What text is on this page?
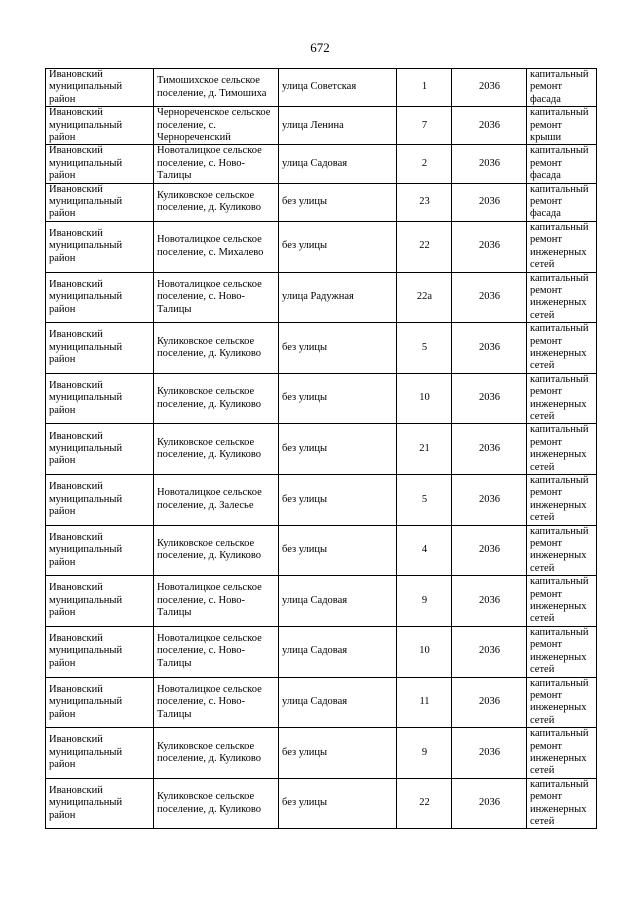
672
Ивановский муниципальный район	Тимошихское сельское поселение, д. Тимошиха	улица Советская	1	2036	капитальный ремонт фасада
Ивановский муниципальный район	Чернореченское сельское поселение, с. Чернореченский	улица Ленина	7	2036	капитальный ремонт крыши
Ивановский муниципальный район	Новоталицкое сельское поселение, с. Ново-Талицы	улица Садовая	2	2036	капитальный ремонт фасада
Ивановский муниципальный район	Куликовское сельское поселение, д. Куликово	без улицы	23	2036	капитальный ремонт фасада
Ивановский муниципальный район	Новоталицкое сельское поселение, с. Михалево	без улицы	22	2036	капитальный ремонт инженерных сетей
Ивановский муниципальный район	Новоталицкое сельское поселение, с. Ново-Талицы	улица Радужная	22а	2036	капитальный ремонт инженерных сетей
Ивановский муниципальный район	Куликовское сельское поселение, д. Куликово	без улицы	5	2036	капитальный ремонт инженерных сетей
Ивановский муниципальный район	Куликовское сельское поселение, д. Куликово	без улицы	10	2036	капитальный ремонт инженерных сетей
Ивановский муниципальный район	Куликовское сельское поселение, д. Куликово	без улицы	21	2036	капитальный ремонт инженерных сетей
Ивановский муниципальный район	Новоталицкое сельское поселение, д. Залесье	без улицы	5	2036	капитальный ремонт инженерных сетей
Ивановский муниципальный район	Куликовское сельское поселение, д. Куликово	без улицы	4	2036	капитальный ремонт инженерных сетей
Ивановский муниципальный район	Новоталицкое сельское поселение, с. Ново-Талицы	улица Садовая	9	2036	капитальный ремонт инженерных сетей
Ивановский муниципальный район	Новоталицкое сельское поселение, с. Ново-Талицы	улица Садовая	10	2036	капитальный ремонт инженерных сетей
Ивановский муниципальный район	Новоталицкое сельское поселение, с. Ново-Талицы	улица Садовая	11	2036	капитальный ремонт инженерных сетей
Ивановский муниципальный район	Куликовское сельское поселение, д. Куликово	без улицы	9	2036	капитальный ремонт инженерных сетей
Ивановский муниципальный район	Куликовское сельское поселение, д. Куликово	без улицы	22	2036	капитальный ремонт инженерных сетей
